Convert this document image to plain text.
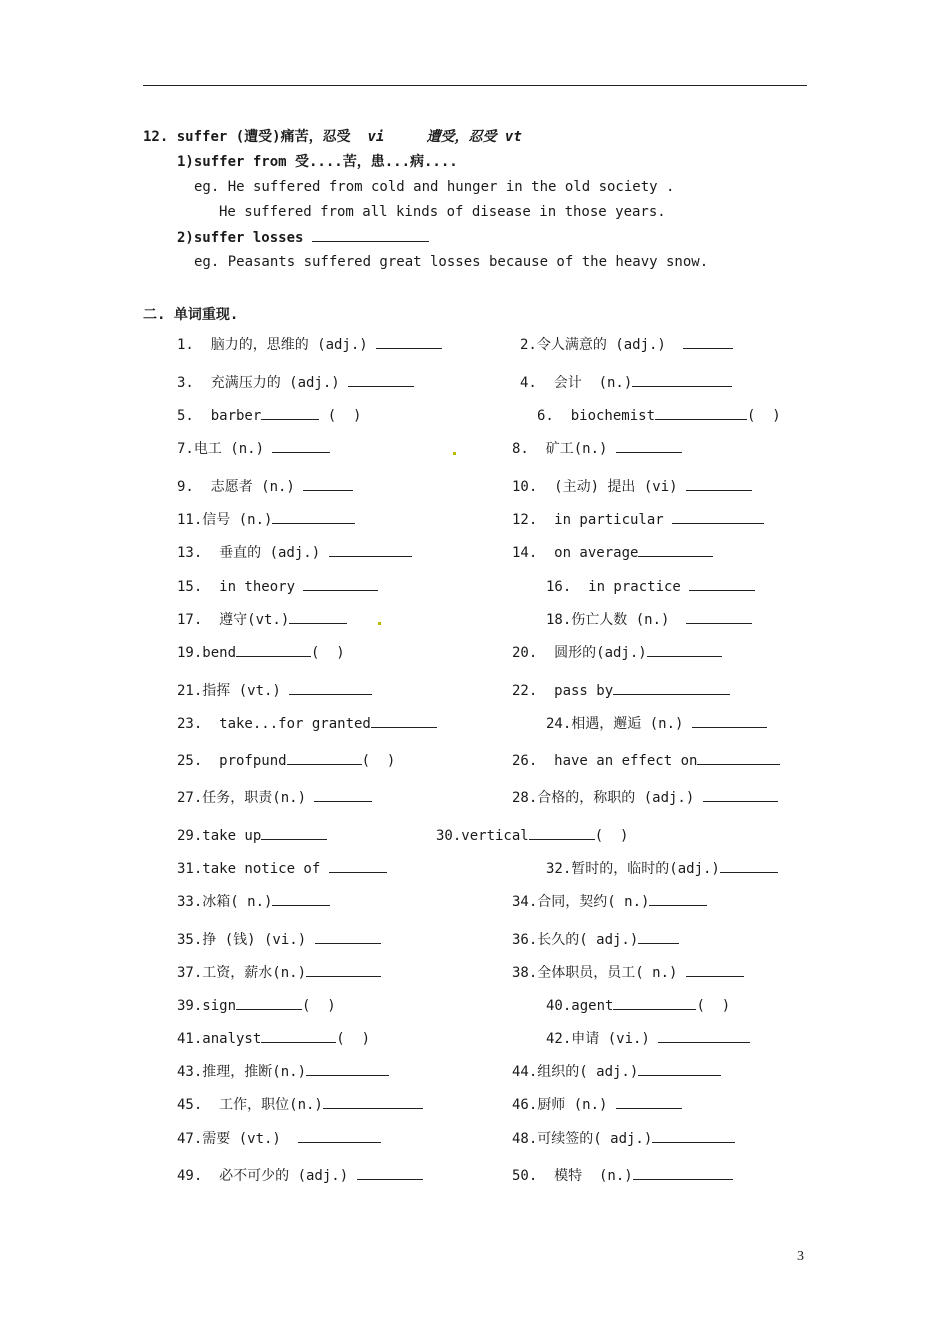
12. suffer (遭受)痛苦，忍受 vi	遭受，忍受 vt
1)suffer from 受....苦，患...病....
eg. He suffered from cold and hunger in the old society .
He suffered from all kinds of disease in those years.
2)suffer losses
eg. Peasants suffered great losses because of the heavy snow.
二. 单词重现.
1.  脑力的，思维的 (adj.)	2.令人满意的 (adj.)
3.  充满压力的 (adj.)	4.  会计  (n.)
5.  barber	(  )	6.  biochemist	(  )
7.电工 (n.)	8.  矿工(n.)
9.  志愿者 (n.)	10.  (主动) 提出 (vi)
11.信号 (n.)	12.  in particular
13.  垂直的 (adj.)	14.  on average
15.  in theory	16.  in practice
17.  遵守(vt.)	18.伤亡人数 (n.)
19.bend	(  )	20.  圆形的(adj.)
21.指挥 (vt.)	22.  pass by
23.  take...for granted	24.相遇，邂逅 (n.)
25.  profpund	(  )	26.  have an effect on
27.任务，职责(n.)	28.合格的，称职的 (adj.)
29.take up	30.vertical	(  )
31.take notice of	32.暂时的，临时的(adj.)
33.冰箱( n.)	34.合同，契约( n.)
35.挣 (钱) (vi.)	36.长久的( adj.)
37.工资，薪水(n.)	38.全体职员，员工( n.)
39.sign	(  )	40.agent	(  )
41.analyst	(  )	42.申请 (vi.)
43.推理，推断(n.)	44.组织的( adj.)
45.  工作，职位(n.)	46.厨师 (n.)
47.需要 (vt.)	48.可续签的( adj.)
49.  必不可少的 (adj.)	50.  模特  (n.)
3
